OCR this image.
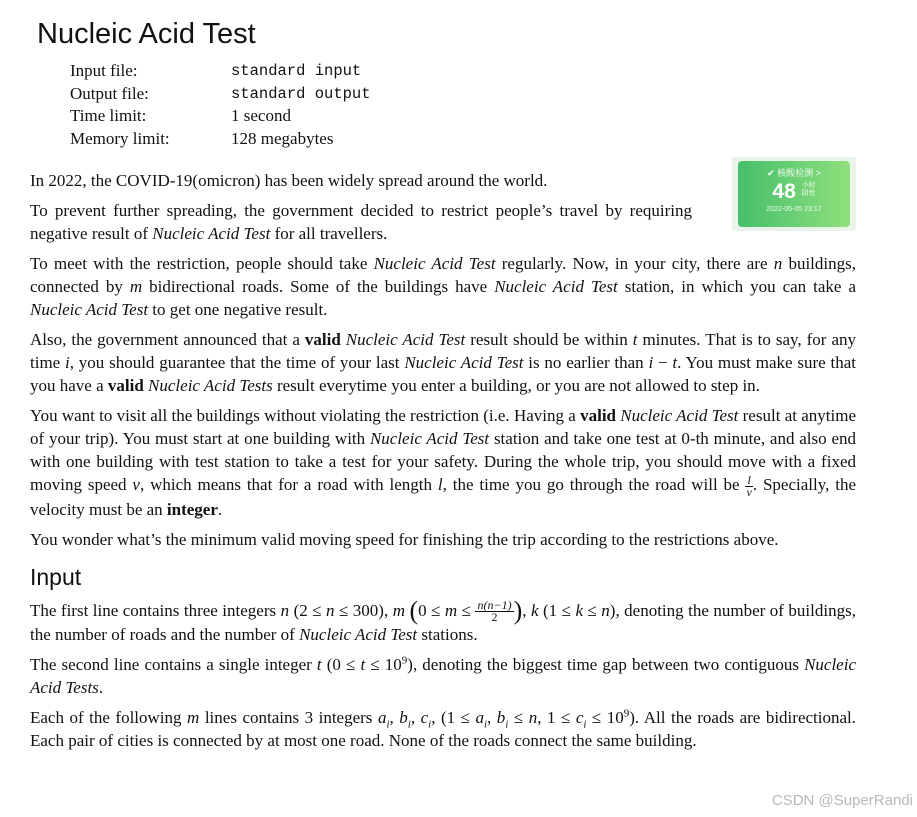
Nucleic Acid Test
Input file:	standard input
Output file:	standard output
Time limit:	1 second
Memory limit:	128 megabytes

In 2022, the COVID-19(omicron) has been widely spread around the world.

To prevent further spreading, the government decided to restrict people’s travel by requiring negative result of Nucleic Acid Test for all travellers.

✔ 核酸检测 >
48 小时
阴性
2022-05-05 23:17

To meet with the restriction, people should take Nucleic Acid Test regularly. Now, in your city, there are n buildings, connected by m bidirectional roads. Some of the buildings have Nucleic Acid Test station, in which you can take a Nucleic Acid Test to get one negative result.

Also, the government announced that a valid Nucleic Acid Test result should be within t minutes. That is to say, for any time i, you should guarantee that the time of your last Nucleic Acid Test is no earlier than i − t. You must make sure that you have a valid Nucleic Acid Tests result everytime you enter a building, or you are not allowed to step in.

You want to visit all the buildings without violating the restriction (i.e. Having a valid Nucleic Acid Test result at anytime of your trip). You must start at one building with Nucleic Acid Test station and take one test at 0-th minute, and also end with one building with test station to take a test for your safety. During the whole trip, you should move with a fixed moving speed v, which means that for a road with length l, the time you go through the road will be $\frac{l}{v}$ . Specially, the velocity must be an integer.

You wonder what’s the minimum valid moving speed for finishing the trip according to the restrictions above.

Input

The first line contains three integers n (2 ≤ n ≤ 300), m ($0 \le m \le \frac{n(n-1)}{2}$ ), k (1 ≤ k ≤ n), denoting the number of buildings, the number of roads and the number of Nucleic Acid Test stations.

The second line contains a single integer t $(0 \le t \le 10^9)$, denoting the biggest time gap between two contiguous Nucleic Acid Tests.

Each of the following m lines contains 3 integers $a_i$, $b_i$, $c_i$, ($1 \le a_i$, $b_i \le n$, $1 \le c_i \le 10^9$). All the roads are bidirectional. Each pair of cities is connected by at most one road. None of the roads connect the same building.

CSDN @SuperRandi
